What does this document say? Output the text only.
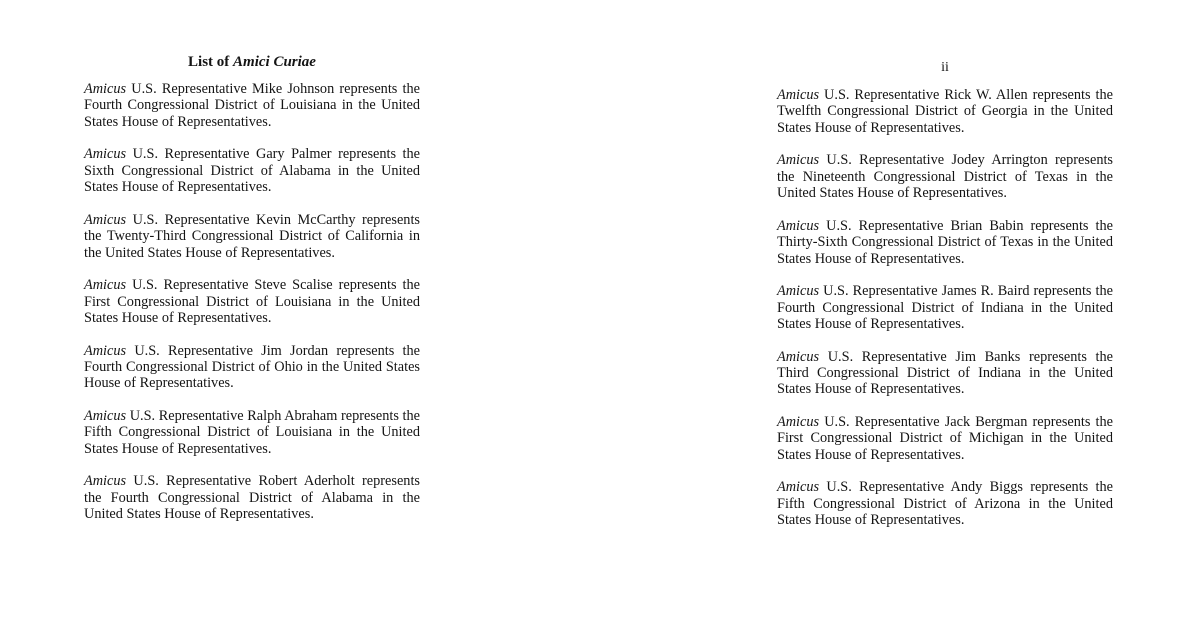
List of Amici Curiae
Amicus U.S. Representative Mike Johnson represents the Fourth Congressional District of Louisiana in the United States House of Representatives.
Amicus U.S. Representative Gary Palmer represents the Sixth Congressional District of Alabama in the United States House of Representatives.
Amicus U.S. Representative Kevin McCarthy represents the Twenty-Third Congressional District of California in the United States House of Representatives.
Amicus U.S. Representative Steve Scalise represents the First Congressional District of Louisiana in the United States House of Representatives.
Amicus U.S. Representative Jim Jordan represents the Fourth Congressional District of Ohio in the United States House of Representatives.
Amicus U.S. Representative Ralph Abraham represents the Fifth Congressional District of Louisiana in the United States House of Representatives.
Amicus U.S. Representative Robert Aderholt represents the Fourth Congressional District of Alabama in the United States House of Representatives.
ii
Amicus U.S. Representative Rick W. Allen represents the Twelfth Congressional District of Georgia in the United States House of Representatives.
Amicus U.S. Representative Jodey Arrington represents the Nineteenth Congressional District of Texas in the United States House of Representatives.
Amicus U.S. Representative Brian Babin represents the Thirty-Sixth Congressional District of Texas in the United States House of Representatives.
Amicus U.S. Representative James R. Baird represents the Fourth Congressional District of Indiana in the United States House of Representatives.
Amicus U.S. Representative Jim Banks represents the Third Congressional District of Indiana in the United States House of Representatives.
Amicus U.S. Representative Jack Bergman represents the First Congressional District of Michigan in the United States House of Representatives.
Amicus U.S. Representative Andy Biggs represents the Fifth Congressional District of Arizona in the United States House of Representatives.
